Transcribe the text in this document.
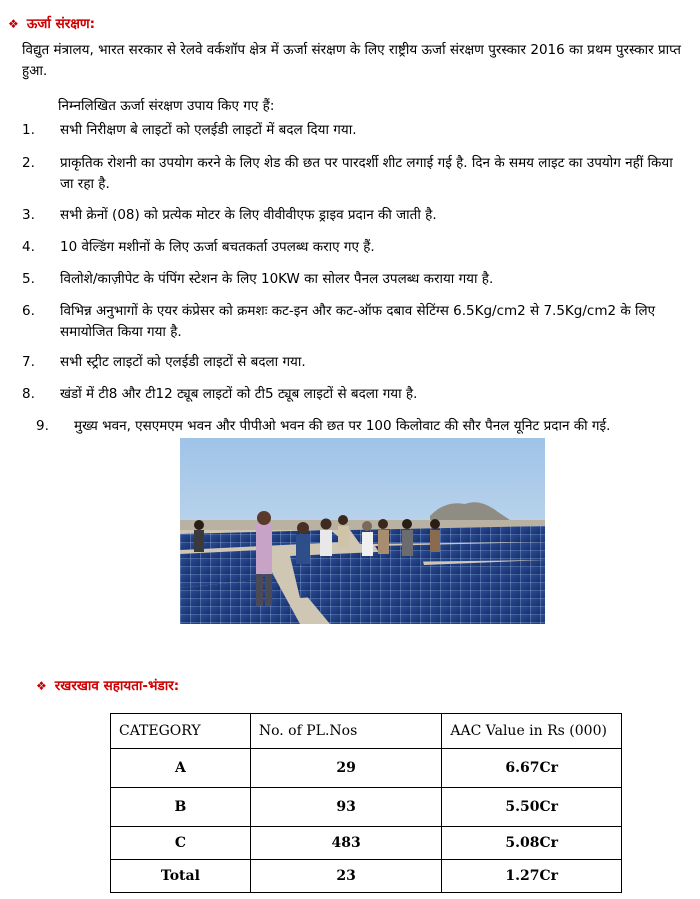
❖ ऊर्जा संरक्षण:
विद्युत मंत्रालय, भारत सरकार से रेलवे वर्कशॉप क्षेत्र में ऊर्जा संरक्षण के लिए राष्ट्रीय ऊर्जा संरक्षण पुरस्कार 2016 का प्रथम पुरस्कार प्राप्त हुआ.
निम्नलिखित ऊर्जा संरक्षण उपाय किए गए हैं:
1. सभी निरीक्षण बे लाइटों को एलईडी लाइटों में बदल दिया गया.
2. प्राकृतिक रोशनी का उपयोग करने के लिए शेड की छत पर पारदर्शी शीट लगाई गई है. दिन के समय लाइट का उपयोग नहीं किया जा रहा है.
3. सभी क्रेनों (08) को प्रत्येक मोटर के लिए वीवीवीएफ ड्राइव प्रदान की जाती है.
4. 10 वेल्डिंग मशीनों के लिए ऊर्जा बचतकर्ता उपलब्ध कराए गए हैं.
5. विलोशे/काज़ीपेट के पंपिंग स्टेशन के लिए 10KW का सोलर पैनल उपलब्ध कराया गया है.
6. विभिन्न अनुभागों के एयर कंप्रेसर को क्रमशः कट-इन और कट-ऑफ दबाव सेटिंग्स 6.5Kg/cm2 से 7.5Kg/cm2 के लिए समायोजित किया गया है.
7. सभी स्ट्रीट लाइटों को एलईडी लाइटों से बदला गया.
8. खंडों में टी8 और टी12 ट्यूब लाइटों को टी5 ट्यूब लाइटों से बदला गया है.
9. मुख्य भवन, एसएमएम भवन और पीपीओ भवन की छत पर 100 किलोवाट की सौर पैनल यूनिट प्रदान की गई.
❖ रखरखाव सहायता-भंडार:
CATEGORY	No. of PL.Nos	AAC Value in Rs (000)
A	29	6.67Cr
B	93	5.50Cr
C	483	5.08Cr
Total	23	1.27Cr
